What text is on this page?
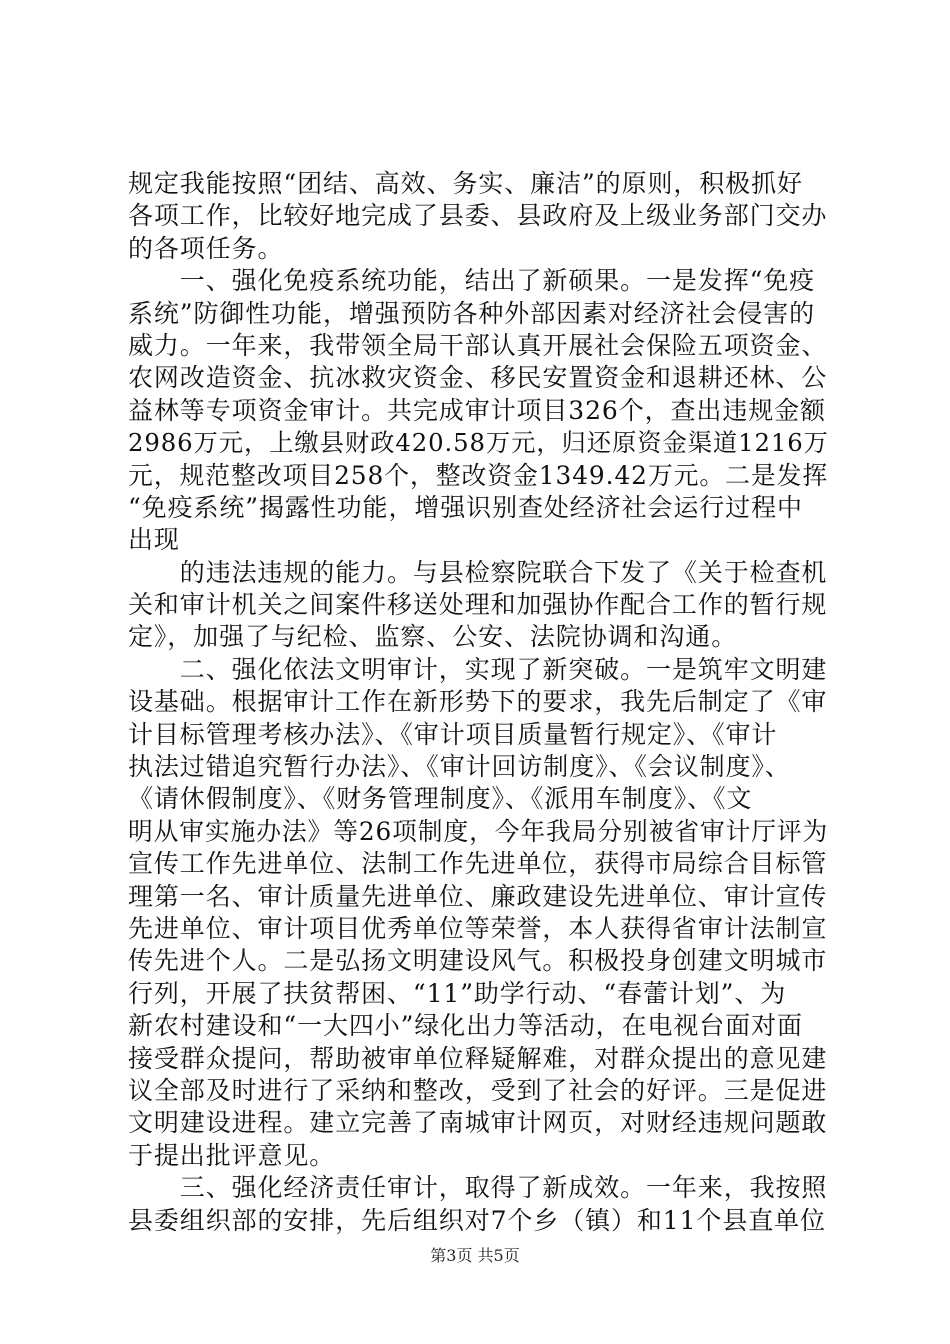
规定我能按照“团结、高效、务实、廉洁”的原则，积极抓好
各项工作，比较好地完成了县委、县政府及上级业务部门交办
的各项任务。
　　一、强化免疫系统功能，结出了新硕果。一是发挥“免疫
系统”防御性功能，增强预防各种外部因素对经济社会侵害的
威力。一年来，我带领全局干部认真开展社会保险五项资金、
农网改造资金、抗冰救灾资金、移民安置资金和退耕还林、公
益林等专项资金审计。共完成审计项目326个，查出违规金额
2986万元，上缴县财政420.58万元，归还原资金渠道1216万
元，规范整改项目258个，整改资金1349.42万元。二是发挥
“免疫系统”揭露性功能，增强识别查处经济社会运行过程中
出现
　　的违法违规的能力。与县检察院联合下发了《关于检查机
关和审计机关之间案件移送处理和加强协作配合工作的暂行规
定》，加强了与纪检、监察、公安、法院协调和沟通。
　　二、强化依法文明审计，实现了新突破。一是筑牢文明建
设基础。根据审计工作在新形势下的要求，我先后制定了《审
计目标管理考核办法》、《审计项目质量暂行规定》、《审计
执法过错追究暂行办法》、《审计回访制度》、《会议制度》、
《请休假制度》、《财务管理制度》、《派用车制度》、《文
明从审实施办法》等26项制度，今年我局分别被省审计厅评为
宣传工作先进单位、法制工作先进单位，获得市局综合目标管
理第一名、审计质量先进单位、廉政建设先进单位、审计宣传
先进单位、审计项目优秀单位等荣誉，本人获得省审计法制宣
传先进个人。二是弘扬文明建设风气。积极投身创建文明城市
行列，开展了扶贫帮困、“11”助学行动、“春蕾计划”、为
新农村建设和“一大四小”绿化出力等活动，在电视台面对面
接受群众提问，帮助被审单位释疑解难，对群众提出的意见建
议全部及时进行了采纳和整改，受到了社会的好评。三是促进
文明建设进程。建立完善了南城审计网页，对财经违规问题敢
于提出批评意见。
　　三、强化经济责任审计，取得了新成效。一年来，我按照
县委组织部的安排，先后组织对7个乡（镇）和11个县直单位
第3页 共5页
